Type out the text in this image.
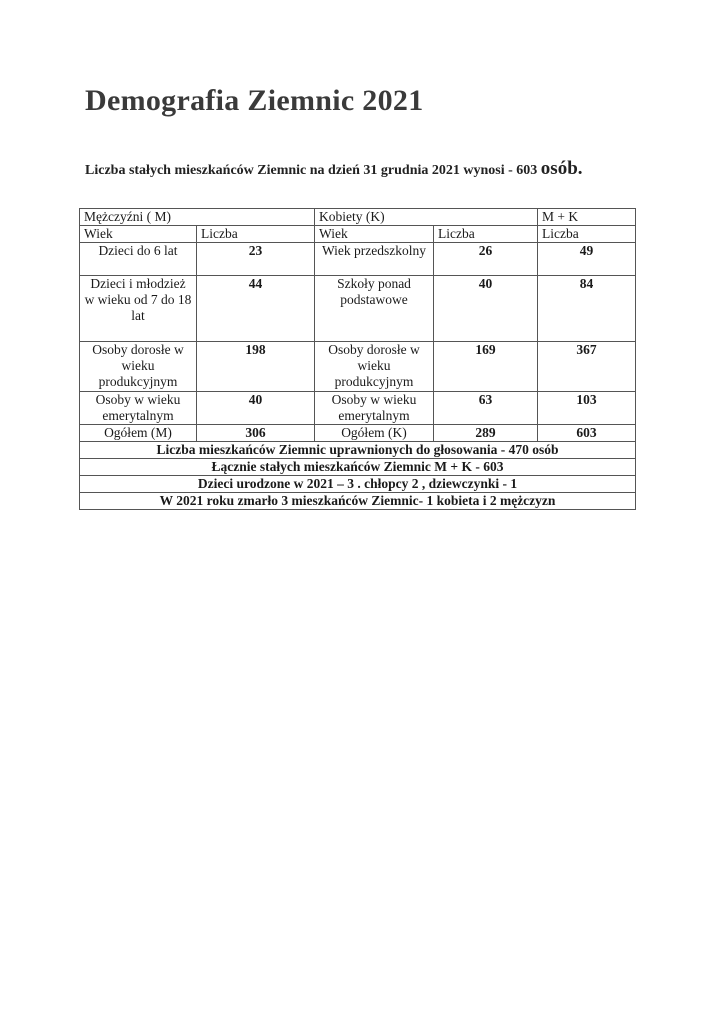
Demografia Ziemnic 2021
Liczba stałych mieszkańców Ziemnic na dzień 31 grudnia 2021 wynosi - 603 osób.
Mężczyźni ( M)		Kobiety (K)		M + K
Wiek	Liczba	Wiek	Liczba	Liczba
Dzieci do 6 lat	23	Wiek przedszkolny	26	49
Dzieci i młodzież w wieku od 7 do 18 lat	44	Szkoły ponad podstawowe	40	84
Osoby dorosłe w wieku produkcyjnym	198	Osoby dorosłe w wieku produkcyjnym	169	367
Osoby w wieku emerytalnym	40	Osoby w wieku emerytalnym	63	103
Ogółem (M)	306	Ogółem (K)	289	603
Liczba mieszkańców Ziemnic uprawnionych do głosowania - 470 osób				
Łącznie stałych mieszkańców Ziemnic M + K - 603				
Dzieci urodzone w 2021 – 3 . chłopcy 2 , dziewczynki - 1				
W 2021 roku zmarło 3 mieszkańców Ziemnic- 1 kobieta i 2 mężczyzn				
